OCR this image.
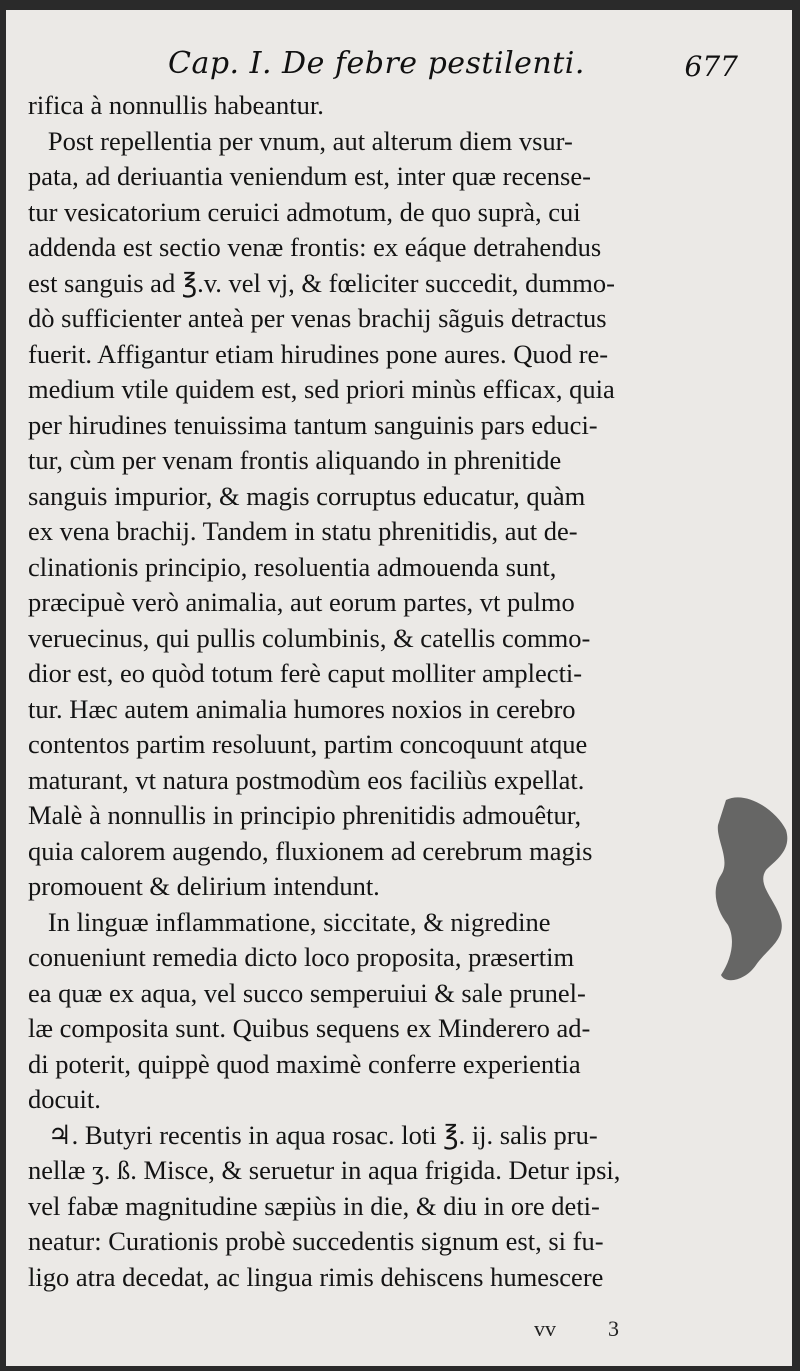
Cap. I. De febre pestilenti.	677
rifica à nonnullis habeantur.
Post repellentia per vnum, aut alterum diem vsur-
pata, ad deriuantia veniendum est, inter quæ recense-
tur vesicatorium ceruici admotum, de quo suprà, cui
addenda est sectio venæ frontis: ex eáque detrahendus
est sanguis ad ℥.v. vel vj, & fœliciter succedit, dummo-
dò sufficienter anteà per venas brachij sãguis detractus
fuerit. Affigantur etiam hirudines pone aures. Quod re-
medium vtile quidem est, sed priori minùs efficax, quia
per hirudines tenuissima tantum sanguinis pars educi-
tur, cùm per venam frontis aliquando in phrenitide
sanguis impurior, & magis corruptus educatur, quàm
ex vena brachij. Tandem in statu phrenitidis, aut de-
clinationis principio, resoluentia admouenda sunt,
præcipuè verò animalia, aut eorum partes, vt pulmo
veruecinus, qui pullis columbinis, & catellis commo-
dior est, eo quòd totum ferè caput molliter amplecti-
tur. Hæc autem animalia humores noxios in cerebro
contentos partim resoluunt, partim concoquunt atque
maturant, vt natura postmodùm eos faciliùs expellat.
Malè à nonnullis in principio phrenitidis admouêtur,
quia calorem augendo, fluxionem ad cerebrum magis
promouent & delirium intendunt.
In linguæ inflammatione, siccitate, & nigredine
conueniunt remedia dicto loco proposita, præsertim
ea quæ ex aqua, vel succo semperuiui & sale prunel-
læ composita sunt. Quibus sequens ex Minderero ad-
di poterit, quippè quod maximè conferre experientia
docuit.
♃. Butyri recentis in aqua rosac. loti ℥. ij. salis pru-
nellæ ʒ. ß. Misce, & seruetur in aqua frigida. Detur ipsi,
vel fabæ magnitudine sæpiùs in die, & diu in ore deti-
neatur: Curationis probè succedentis signum est, si fu-
ligo atra decedat, ac lingua rimis dehiscens humescere
vv 3
